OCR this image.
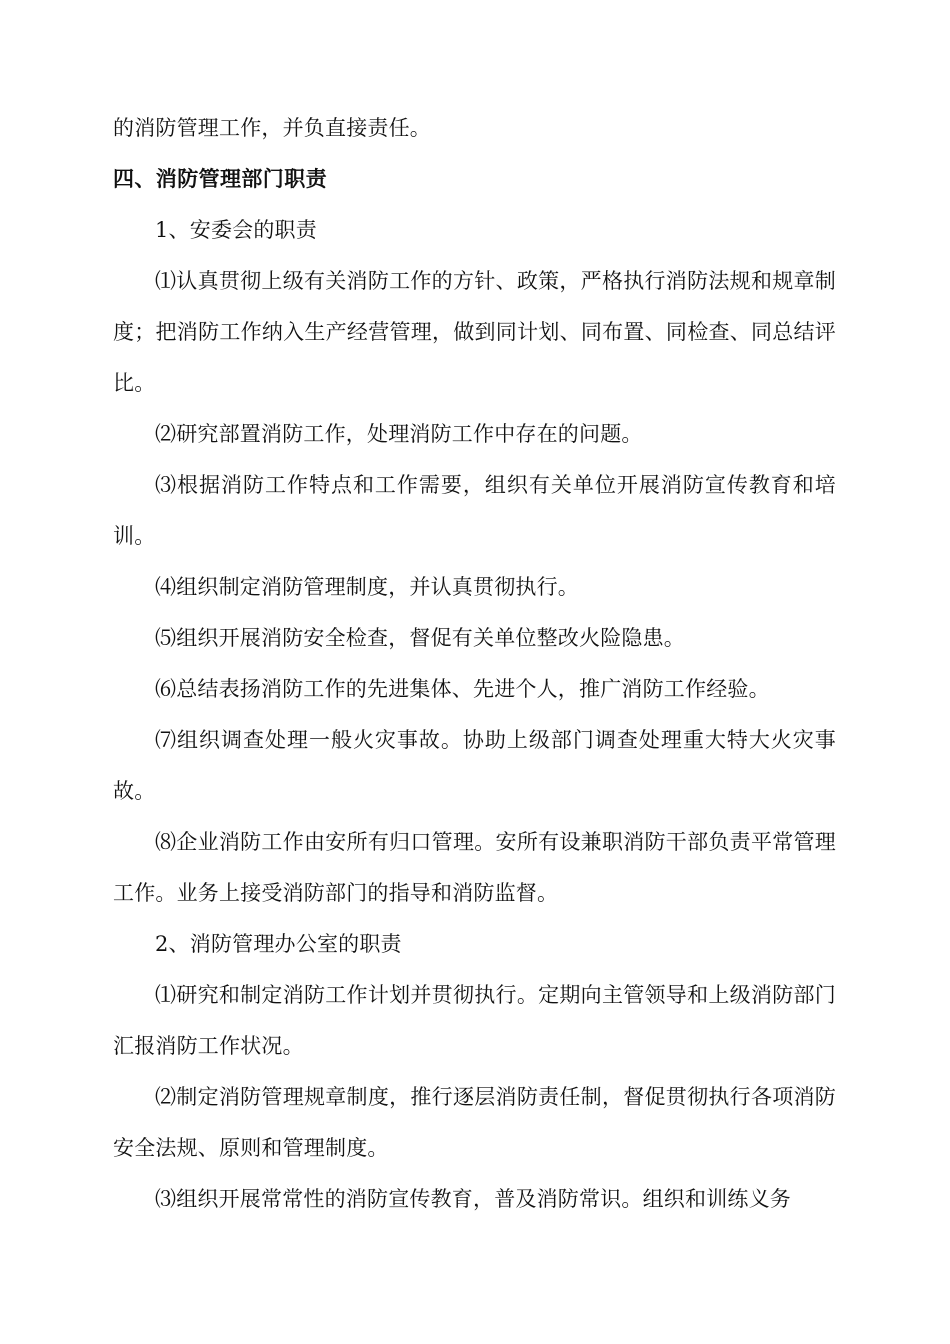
的消防管理工作，并负直接责任。

四、消防管理部门职责

1、安委会的职责

⑴认真贯彻上级有关消防工作的方针、政策，严格执行消防法规和规章制度；把消防工作纳入生产经营管理，做到同计划、同布置、同检查、同总结评比。

⑵研究部置消防工作，处理消防工作中存在的问题。

⑶根据消防工作特点和工作需要，组织有关单位开展消防宣传教育和培训。

⑷组织制定消防管理制度，并认真贯彻执行。

⑸组织开展消防安全检查，督促有关单位整改火险隐患。

⑹总结表扬消防工作的先进集体、先进个人，推广消防工作经验。

⑺组织调查处理一般火灾事故。协助上级部门调查处理重大特大火灾事故。

⑻企业消防工作由安所有归口管理。安所有设兼职消防干部负责平常管理工作。业务上接受消防部门的指导和消防监督。

2、消防管理办公室的职责

⑴研究和制定消防工作计划并贯彻执行。定期向主管领导和上级消防部门汇报消防工作状况。

⑵制定消防管理规章制度，推行逐层消防责任制，督促贯彻执行各项消防安全法规、原则和管理制度。

⑶组织开展常常性的消防宣传教育，普及消防常识。组织和训练义务
